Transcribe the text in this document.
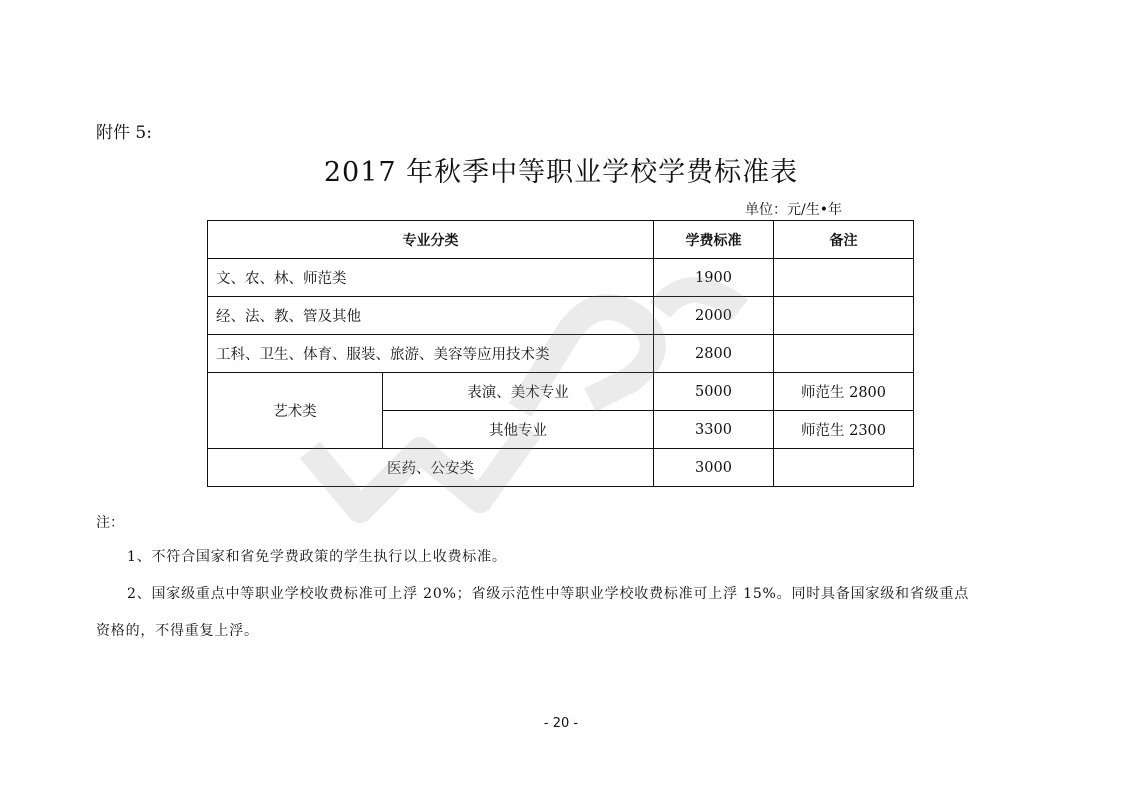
附件 5:
2017 年秋季中等职业学校学费标准表
单位：元/生•年
专业分类		学费标准	备注
文、农、林、师范类		1900	
经、法、教、管及其他		2000	
工科、卫生、体育、服装、旅游、美容等应用技术类		2800	
艺术类	表演、美术专业	5000	师范生 2800
	其他专业	3300	师范生 2300
医药、公安类		3000	
注：
1、不符合国家和省免学费政策的学生执行以上收费标准。
2、国家级重点中等职业学校收费标准可上浮 20%；省级示范性中等职业学校收费标准可上浮 15%。同时具备国家级和省级重点
资格的，不得重复上浮。
- 20 -
